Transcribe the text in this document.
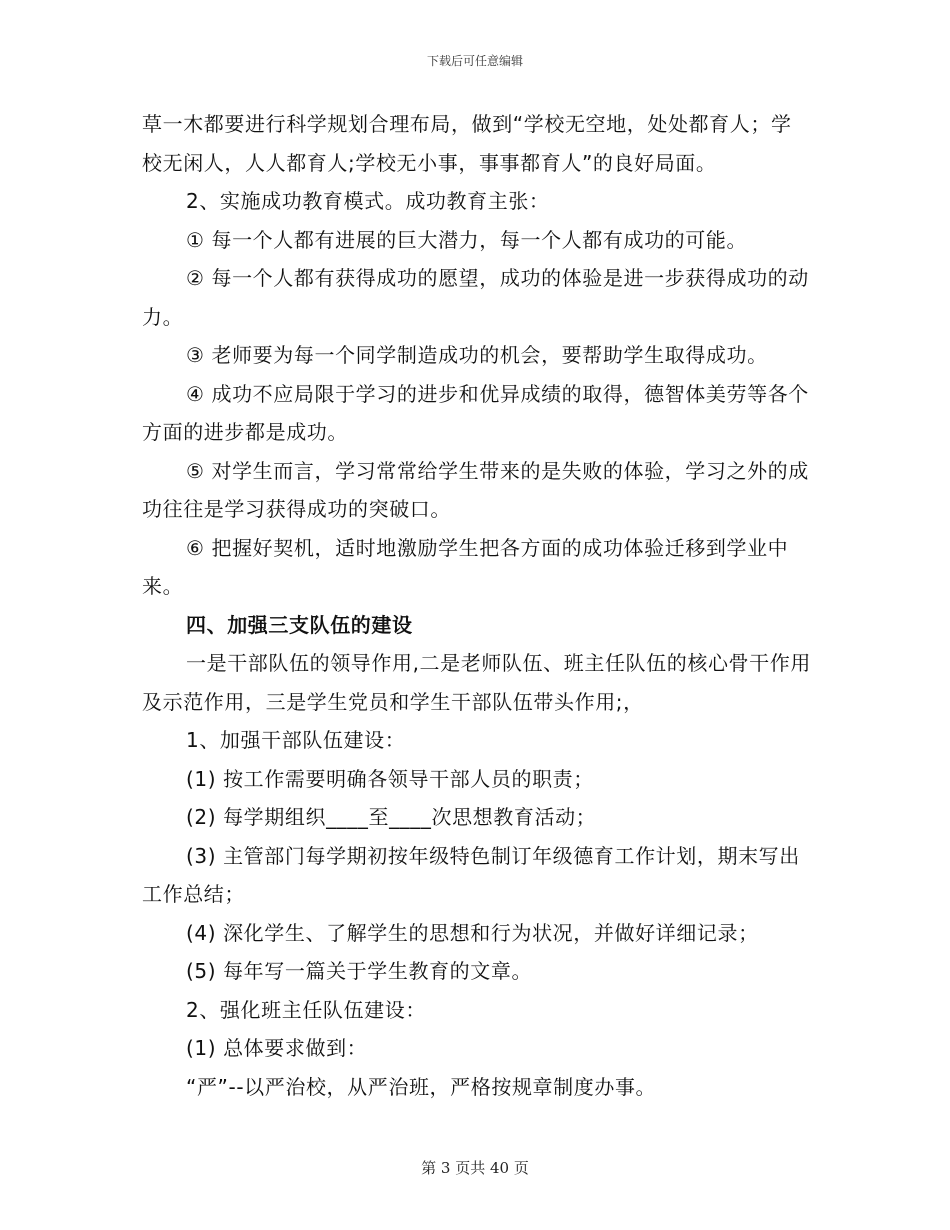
下载后可任意编辑

草一木都要进行科学规划合理布局，做到“学校无空地，处处都育人；学校无闲人，人人都育人;学校无小事，事事都育人”的良好局面。

2、实施成功教育模式。成功教育主张：

① 每一个人都有进展的巨大潜力，每一个人都有成功的可能。

② 每一个人都有获得成功的愿望，成功的体验是进一步获得成功的动力。

③ 老师要为每一个同学制造成功的机会，要帮助学生取得成功。

④ 成功不应局限于学习的进步和优异成绩的取得，德智体美劳等各个方面的进步都是成功。

⑤ 对学生而言，学习常常给学生带来的是失败的体验，学习之外的成功往往是学习获得成功的突破口。

⑥ 把握好契机，适时地激励学生把各方面的成功体验迁移到学业中来。

四、加强三支队伍的建设

一是干部队伍的领导作用,二是老师队伍、班主任队伍的核心骨干作用及示范作用，三是学生党员和学生干部队伍带头作用;，

1、加强干部队伍建设：

(1) 按工作需要明确各领导干部人员的职责；

(2) 每学期组织____至____次思想教育活动；

(3) 主管部门每学期初按年级特色制订年级德育工作计划，期末写出工作总结；

(4) 深化学生、了解学生的思想和行为状况，并做好详细记录；

(5) 每年写一篇关于学生教育的文章。

2、强化班主任队伍建设：

(1) 总体要求做到：

“严”--以严治校，从严治班，严格按规章制度办事。

第 3 页共 40 页
